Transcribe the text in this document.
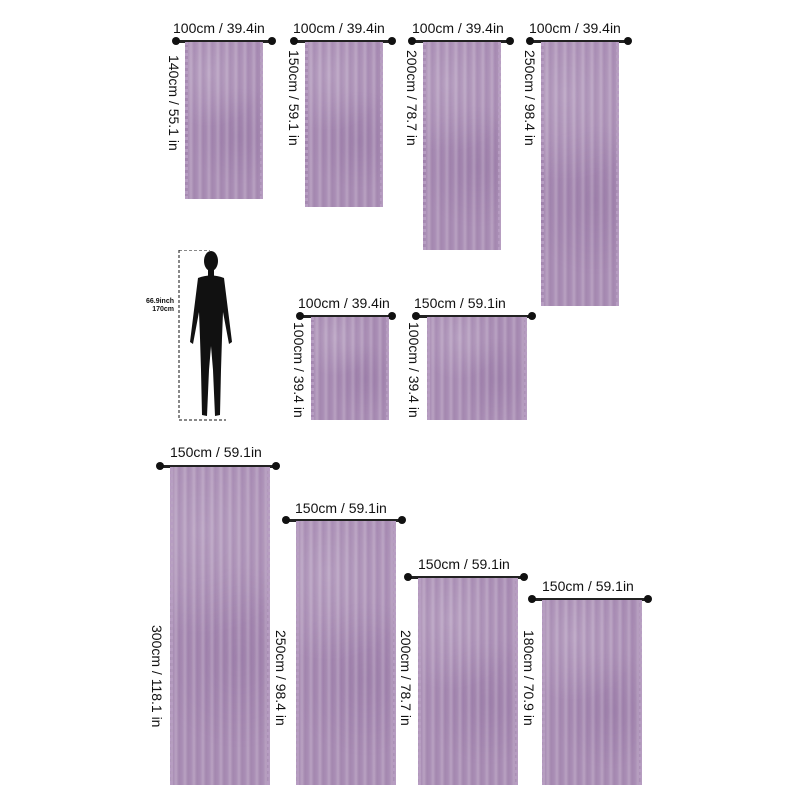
100cm / 39.4in
140cm / 55.1 in
100cm / 39.4in
150cm / 59.1 in
100cm / 39.4in
200cm / 78.7 in
100cm / 39.4in
250cm / 98.4 in
66.9inch
170cm	100cm / 39.4in
100cm / 39.4 in
150cm / 59.1in
100cm / 39.4 in
150cm / 59.1in
300cm / 118.1 in
150cm / 59.1in
250cm / 98.4 in
150cm / 59.1in
200cm / 78.7 in
150cm / 59.1in
180cm / 70.9 in
